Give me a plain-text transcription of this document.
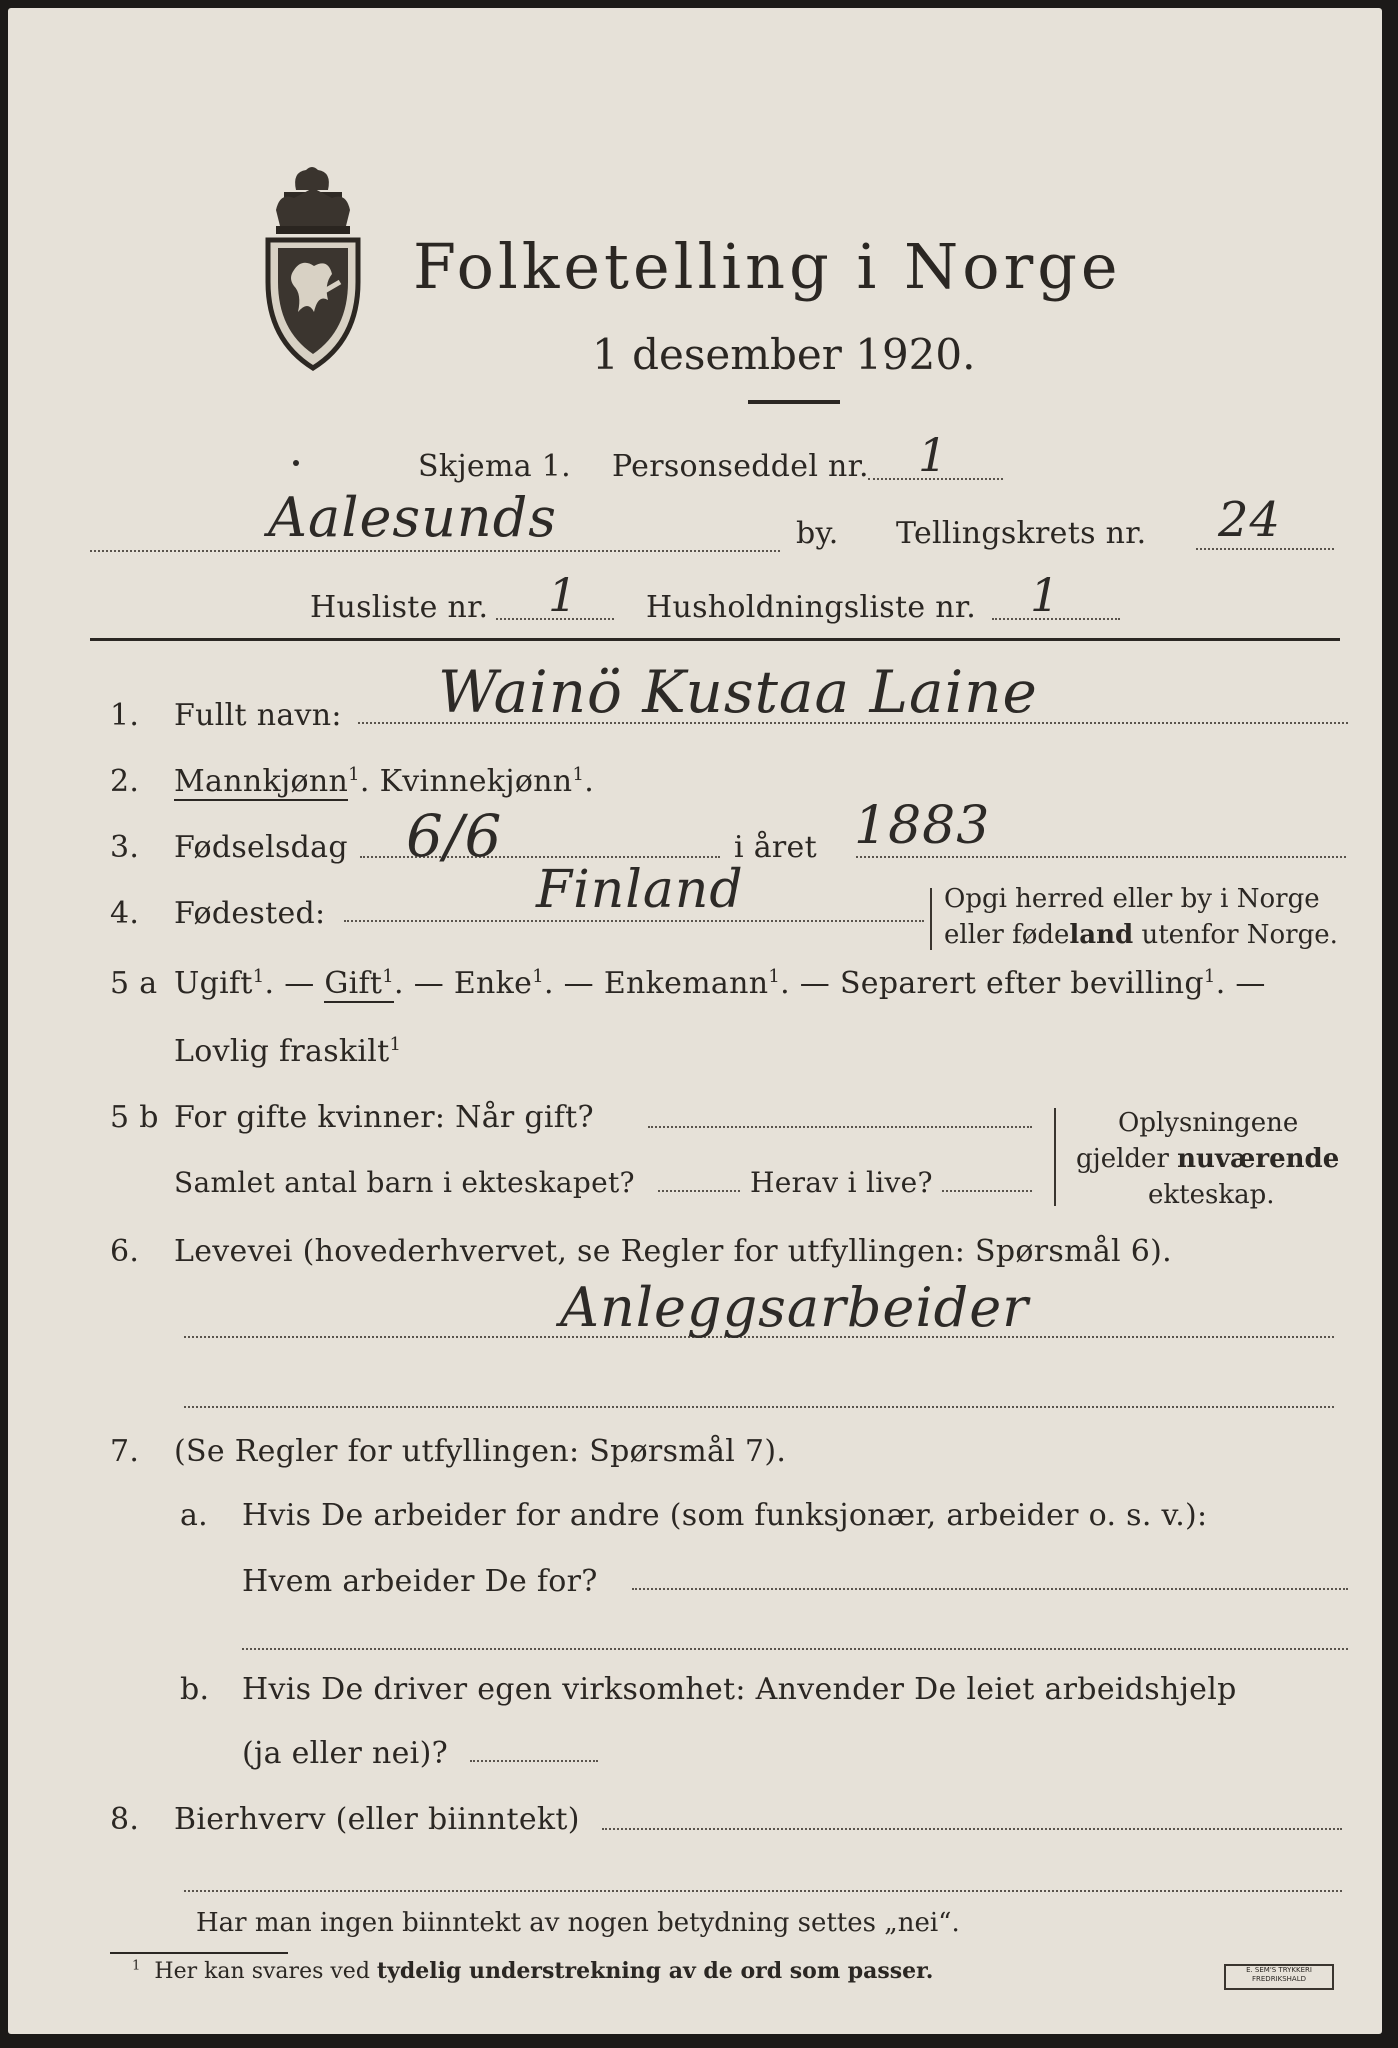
Folketelling i Norge
1 desember 1920.
Skjema 1. Personseddel nr. 1
Aalesunds	by. Tellingskrets nr. 24
Husliste nr. 1 Husholdningsliste nr. 1
1. Fullt navn: Wainö Kustaa Laine
2. Mannkjønn$^1$. Kvinnekjønn$^1$.
3. Fødselsdag 6/6	i året 1883
4. Fødested:	Finland	Opgi herred eller by i Norge
eller fødeland utenfor Norge.
5 a Ugift$^1$. — Gift$^1$. — Enke$^1$. — Enkemann$^1$. — Separert efter bevilling$^1$. —
Lovlig fraskilt$^1$
5 b For gifte kvinner: Når gift?
Samlet antal barn i ekteskapet?	Herav i live?
Oplysningene
gjelder nuværende
ekteskap.
6. Levevei (hovederhvervet, se Regler for utfyllingen: Spørsmål 6).
Anleggsarbeider
7. (Se Regler for utfyllingen: Spørsmål 7).
a. Hvis De arbeider for andre (som funksjonær, arbeider o. s. v.):
Hvem arbeider De for?
b. Hvis De driver egen virksomhet: Anvender De leiet arbeidshjelp
(ja eller nei)?
8. Bierhverv (eller biinntekt)
Har man ingen biinntekt av nogen betydning settes „nei“.
$^1$ Her kan svares ved tydelig understrekning av de ord som passer.	E. SEM'S TRYKKERI
FREDRIKSHALD
